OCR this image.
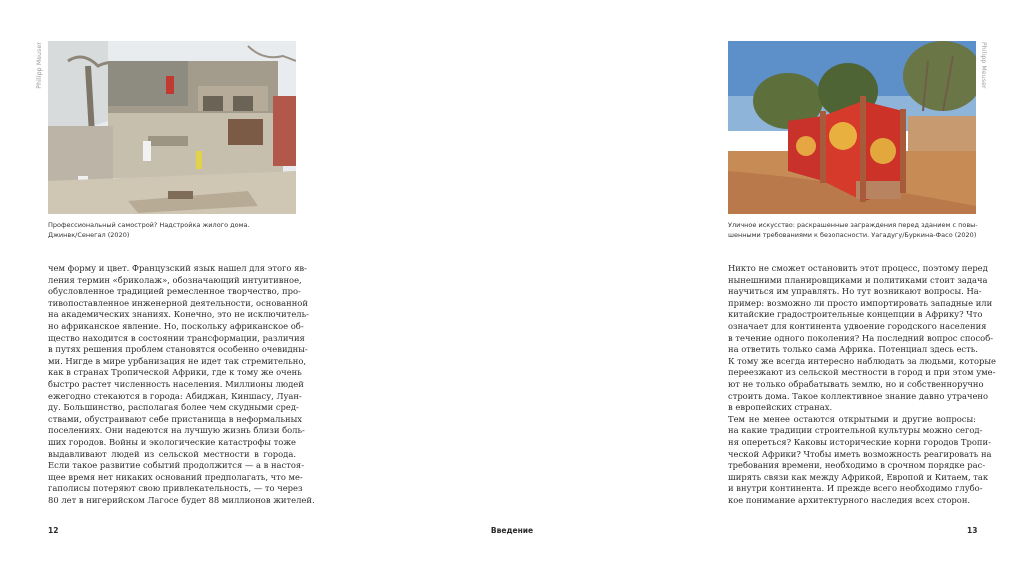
Philipp Meuser
Профессиональный самострой? Надстройка жилого дома.
Джинвк/Сенегал (2020)
чем форму и цвет. Французский язык нашел для этого яв-
ления термин «бриколаж», обозначающий интуитивное,
обусловленное традицией ремесленное творчество, про-
тивопоставленное инженерной деятельности, основанной
на академических знаниях. Конечно, это не исключитель-
но африканское явление. Но, поскольку африканское об-
щество находится в состоянии трансформации, различия
в путях решения проблем становятся особенно очевидны-
ми. Нигде в мире урбанизация не идет так стремительно,
как в странах Тропической Африки, где к тому же очень
быстро растет численность населения. Миллионы людей
ежегодно стекаются в города: Абиджан, Киншасу, Луан-
ду. Большинство, располагая более чем скудными сред-
ствами, обустраивают себе пристанища в неформальных
поселениях. Они надеются на лучшую жизнь близи боль-
ших городов. Войны и экологические катастрофы тоже
выдавливают людей из сельской местности в города.
Если такое развитие событий продолжится — а в настоя-
щее время нет никаких оснований предполагать, что ме-
гаполисы потеряют свою привлекательность, — то через
80 лет в нигерийском Лагосе будет 88 миллионов жителей.
12	Введение
Philipp Meuser
Уличное искусство: раскрашенные заграждения перед зданием с повы-
шенными требованиями к безопасности. Уагадугу/Буркина-Фасо (2020)
Никто не сможет остановить этот процесс, поэтому перед
нынешними планировщиками и политиками стоит задача
научиться им управлять. Но тут возникают вопросы. На-
пример: возможно ли просто импортировать западные или
китайские градостроительные концепции в Африку? Что
означает для континента удвоение городского населения
в течение одного поколения? На последний вопрос способ-
на ответить только сама Африка. Потенциал здесь есть.
К тому же всегда интересно наблюдать за людьми, которые
переезжают из сельской местности в город и при этом уме-
ют не только обрабатывать землю, но и собственноручно
строить дома. Такое коллективное знание давно утрачено
в европейских странах.
Тем не менее остаются открытыми и другие вопросы:
на какие традиции строительной культуры можно сегод-
ня опереться? Каковы исторические корни городов Тропи-
ческой Африки? Чтобы иметь возможность реагировать на
требования времени, необходимо в срочном порядке рас-
ширять связи как между Африкой, Европой и Китаем, так
и внутри континента. И прежде всего необходимо глубо-
кое понимание архитектурного наследия всех сторон.
13
